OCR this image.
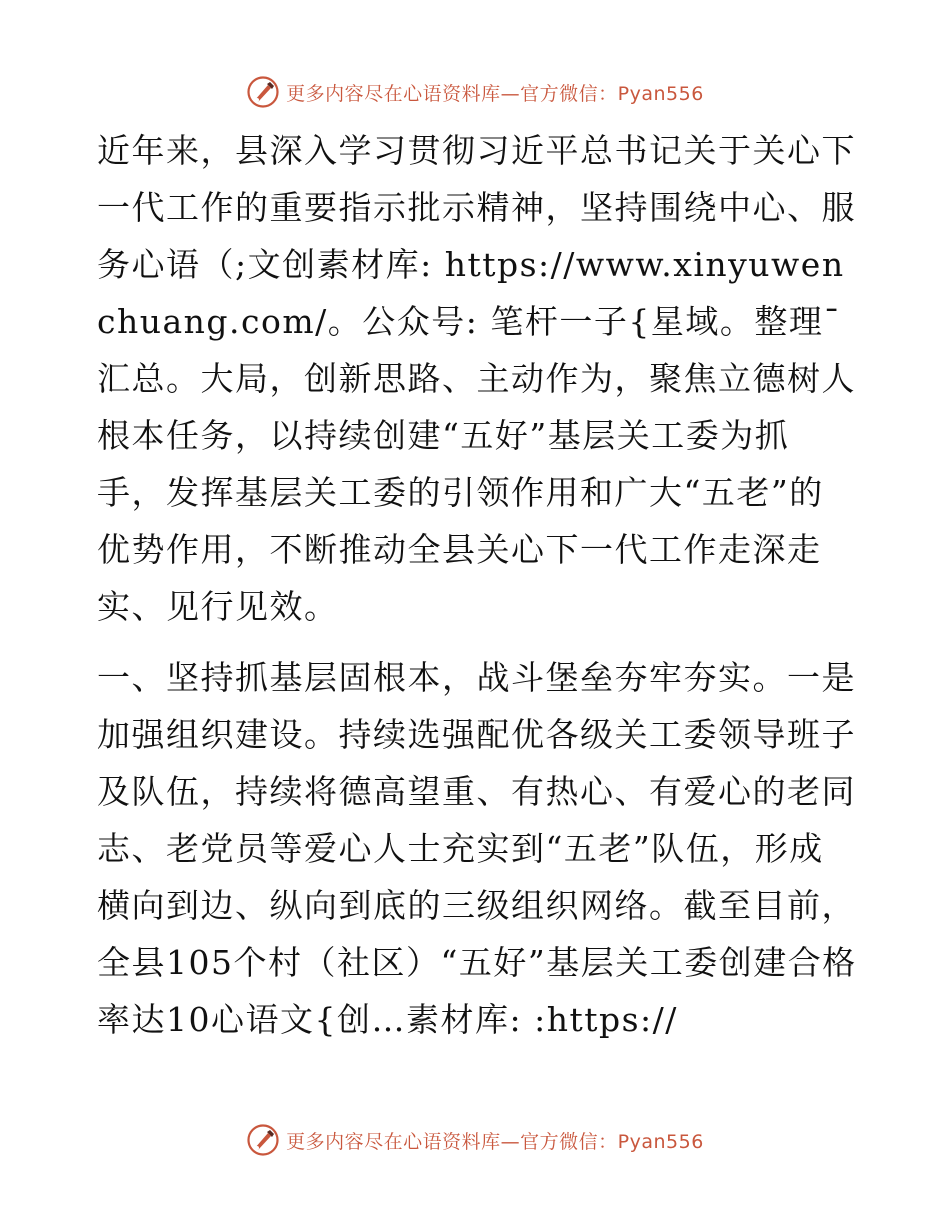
更多内容尽在心语资料库—官方微信：Pyan556

近年来，县深入学习贯彻习近平总书记关于关心下一代工作的重要指示批示精神，坚持围绕中心、服务心语（;文创素材库: https://www.xinyuwenchuang.com/。公众号: 笔杆一子{星域。整理¯汇总。大局，创新思路、主动作为，聚焦立德树人根本任务，以持续创建“五好”基层关工委为抓手，发挥基层关工委的引领作用和广大“五老”的优势作用，不断推动全县关心下一代工作走深走实、见行见效。

一、坚持抓基层固根本，战斗堡垒夯牢夯实。一是加强组织建设。持续选强配优各级关工委领导班子及队伍，持续将德高望重、有热心、有爱心的老同志、老党员等爱心人士充实到“五老”队伍，形成横向到边、纵向到底的三级组织网络。截至目前，全县105个村（社区）“五好”基层关工委创建合格率达10心语文{创…素材库: :https://

更多内容尽在心语资料库—官方微信：Pyan556
